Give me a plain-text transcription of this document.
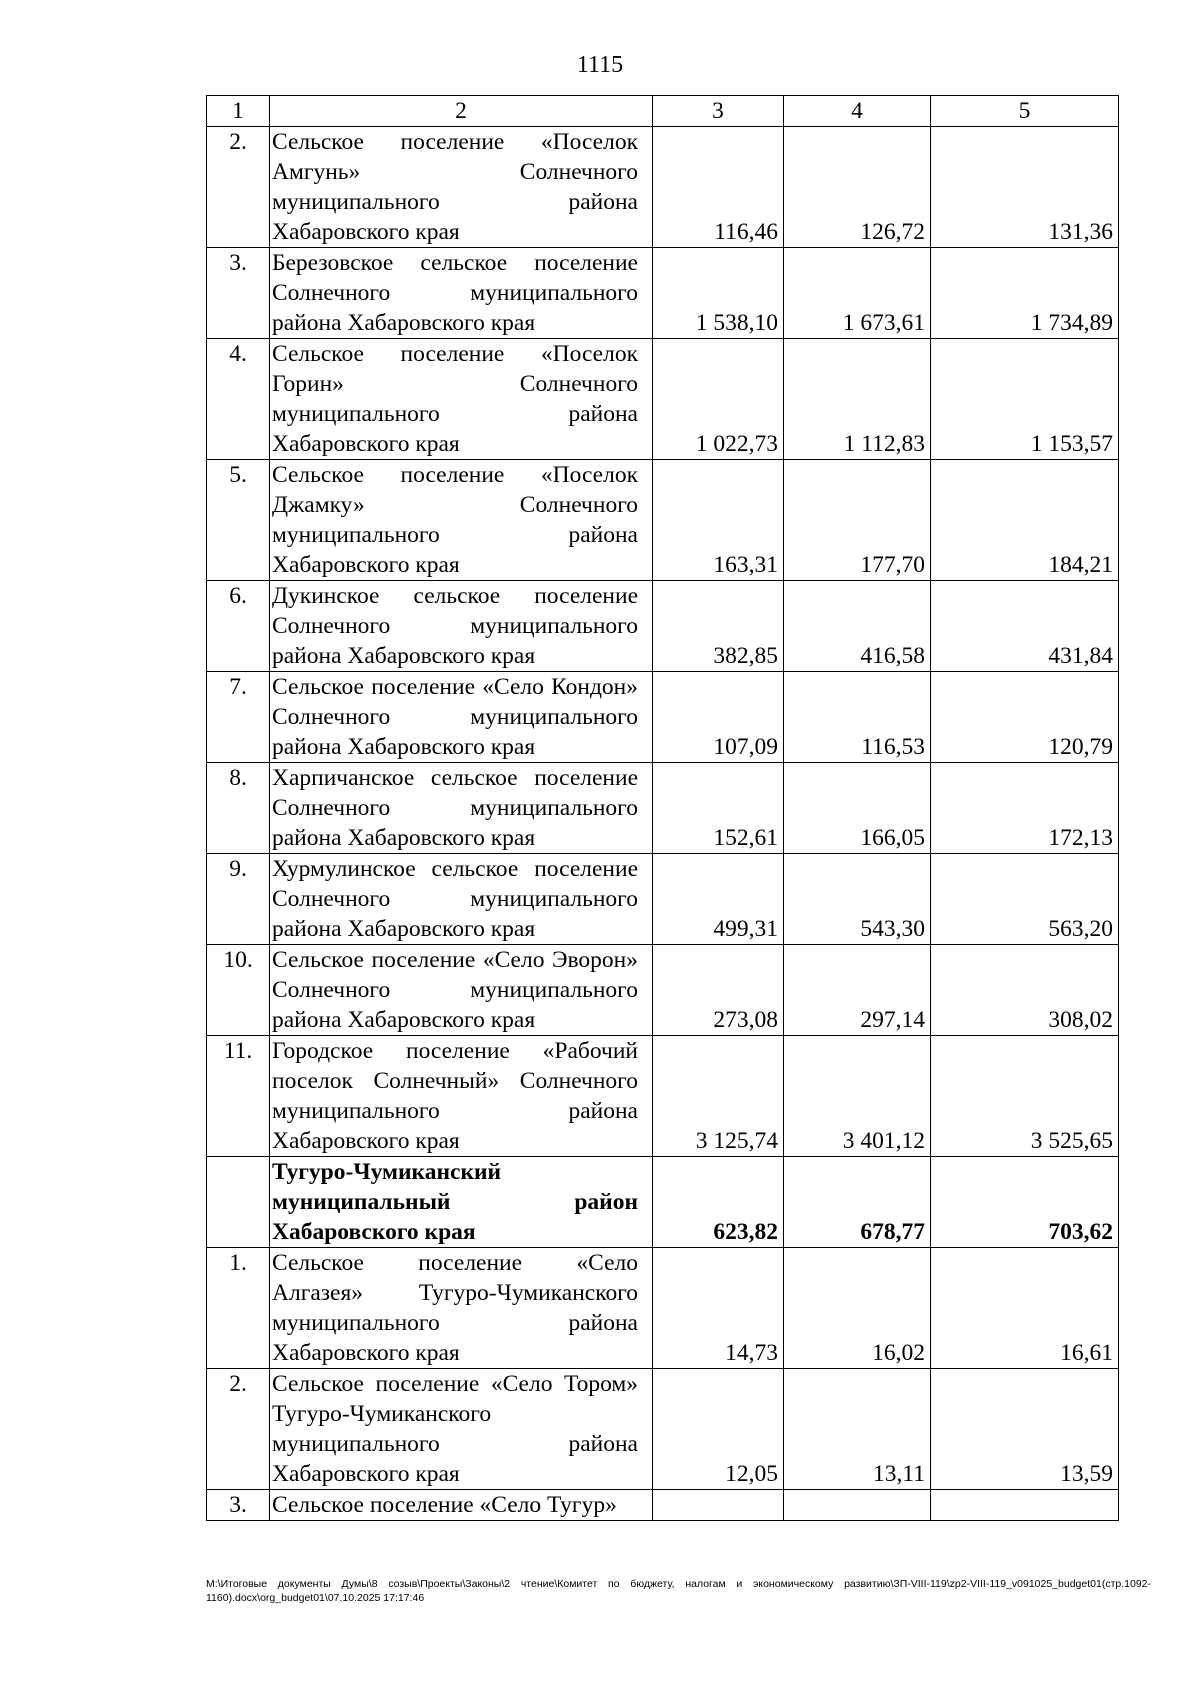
1115
1	2	3	4	5
2.	Сельское поселение «Поселок Амгунь» Солнечного муниципального района Хабаровского края	116,46	126,72	131,36
3.	Березовское сельское поселение Солнечного муниципального района Хабаровского края	1 538,10	1 673,61	1 734,89
4.	Сельское поселение «Поселок Горин» Солнечного муниципального района Хабаровского края	1 022,73	1 112,83	1 153,57
5.	Сельское поселение «Поселок Джамку» Солнечного муниципального района Хабаровского края	163,31	177,70	184,21
6.	Дукинское сельское поселение Солнечного муниципального района Хабаровского края	382,85	416,58	431,84
7.	Сельское поселение «Село Кондон» Солнечного муниципального района Хабаровского края	107,09	116,53	120,79
8.	Харпичанское сельское поселение Солнечного муниципального района Хабаровского края	152,61	166,05	172,13
9.	Хурмулинское сельское поселение Солнечного муниципального района Хабаровского края	499,31	543,30	563,20
10.	Сельское поселение «Село Эворон» Солнечного муниципального района Хабаровского края	273,08	297,14	308,02
11.	Городское поселение «Рабочий поселок Солнечный» Солнечного муниципального района Хабаровского края	3 125,74	3 401,12	3 525,65
	Тугуро-Чумиканский муниципальный район Хабаровского края	623,82	678,77	703,62
1.	Сельское поселение «Село Алгазея» Тугуро-Чумиканского муниципального района Хабаровского края	14,73	16,02	16,61
2.	Сельское поселение «Село Тором» Тугуро-Чумиканского муниципального района Хабаровского края	12,05	13,11	13,59
3.	Сельское поселение «Село Тугур»			
M:\Итоговые документы Думы\8 созыв\Проекты\Законы\2 чтение\Комитет по бюджету, налогам и экономическому развитию\ЗП-VIII-119\zp2-VIII-119_v091025_budget01(стр.1092-1160).docx\org_budget01\07.10.2025 17:17:46
